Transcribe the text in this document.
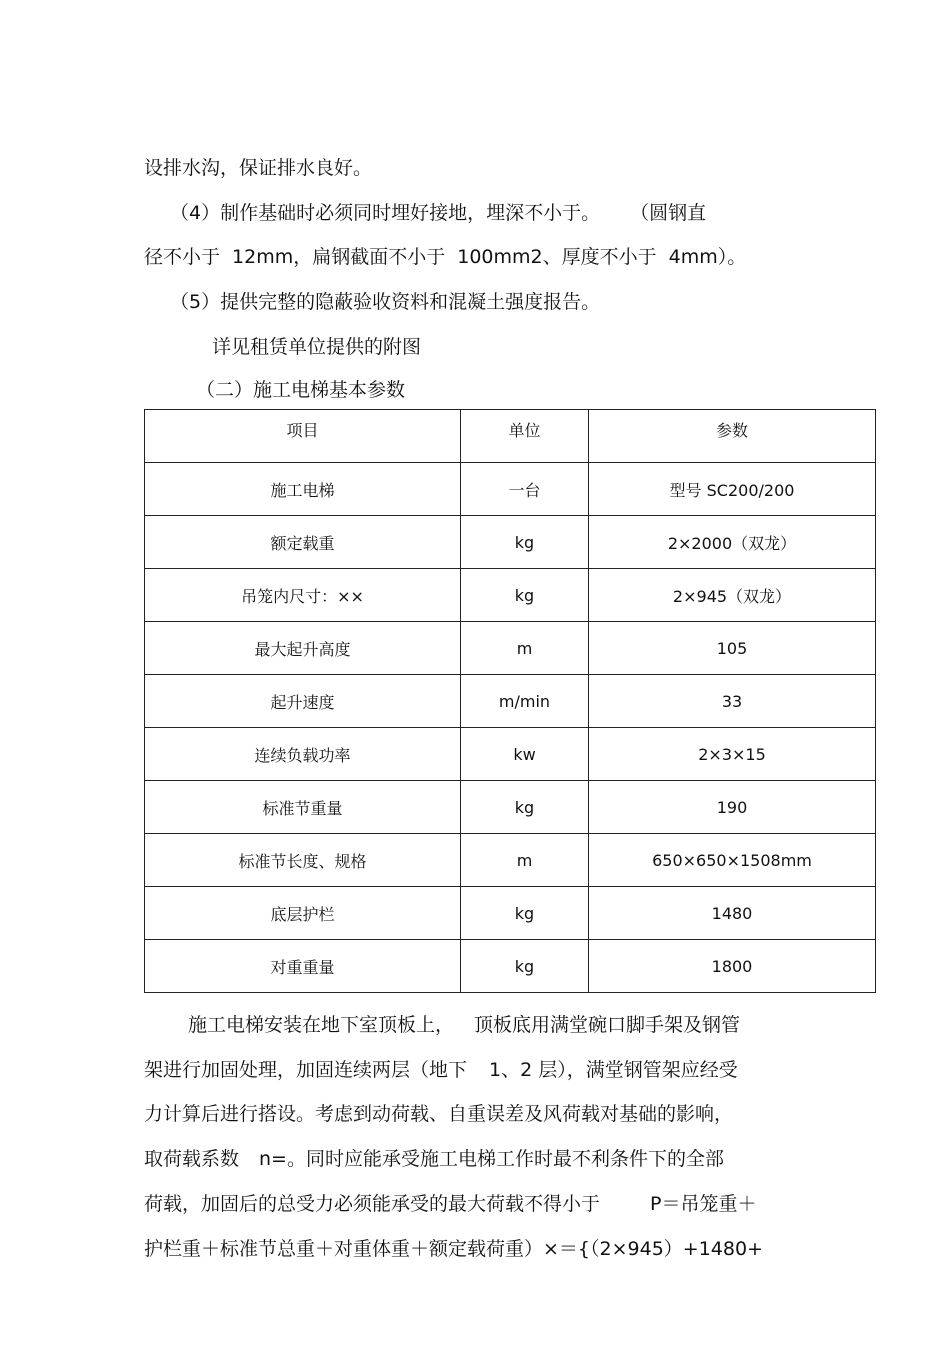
设排水沟，保证排水良好。
（4）制作基础时必须同时埋好接地，埋深不小于。 （圆钢直
径不小于 12mm，扁钢截面不小于 100mm2、厚度不小于 4mm）。
（5）提供完整的隐蔽验收资料和混凝土强度报告。
详见租赁单位提供的附图
（二）施工电梯基本参数
项目	单位	参数
施工电梯	一台	型号 SC200/200
额定载重	kg	2×2000（双龙）
吊笼内尺寸：××	kg	2×945（双龙）
最大起升高度	m	105
起升速度	m/min	33
连续负载功率	kw	2×3×15
标准节重量	kg	190
标准节长度、规格	m	650×650×1508mm
底层护栏	kg	1480
对重重量	kg	1800
施工电梯安装在地下室顶板上， 顶板底用满堂碗口脚手架及钢管
架进行加固处理，加固连续两层（地下 1、2 层），满堂钢管架应经受
力计算后进行搭设。考虑到动荷载、自重误差及风荷载对基础的影响，
取荷载系数 n=。同时应能承受施工电梯工作时最不利条件下的全部
荷载，加固后的总受力必须能承受的最大荷载不得小于	P＝吊笼重＋
护栏重＋标准节总重＋对重体重＋额定载荷重）×＝{（2×945）+1480+
